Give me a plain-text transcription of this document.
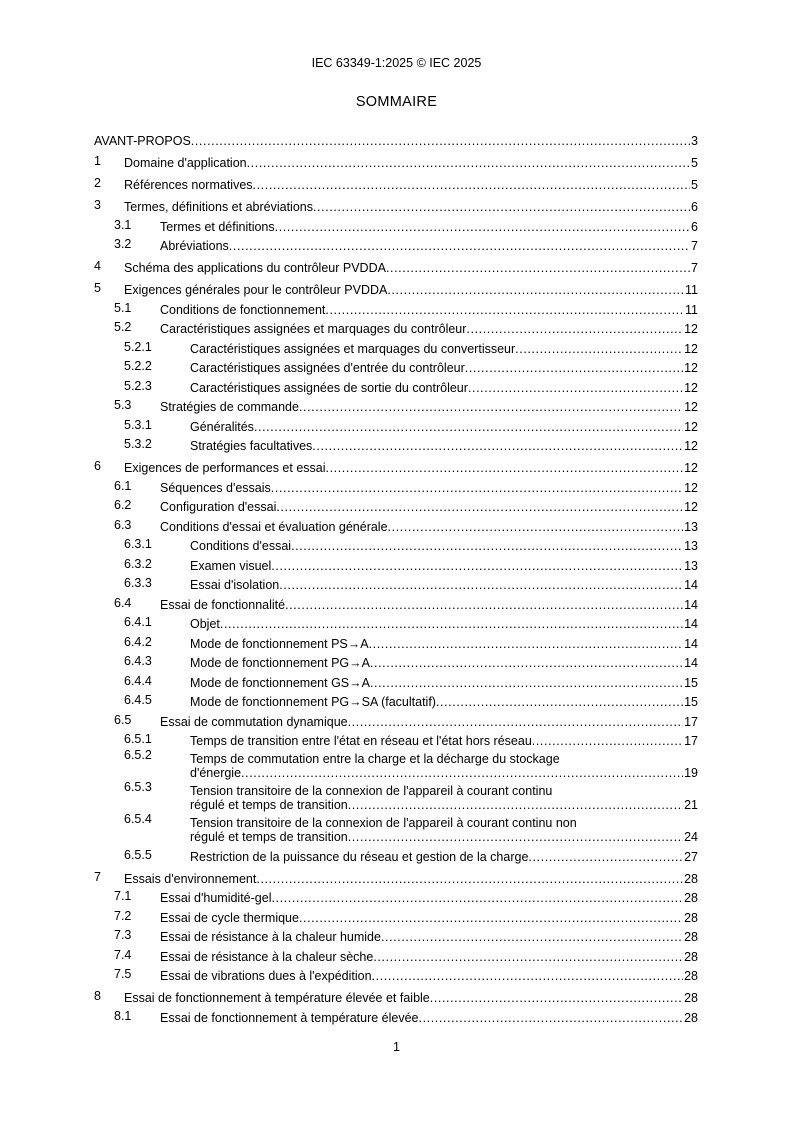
IEC 63349-1:2025 © IEC 2025
SOMMAIRE
AVANT-PROPOS .....	3
1 Domaine d'application .....	5
2 Références normatives .....	5
3 Termes, définitions et abréviations .....	6
3.1 Termes et définitions .....	6
3.2 Abréviations .....	7
4 Schéma des applications du contrôleur PVDDA .....	7
5 Exigences générales pour le contrôleur PVDDA .....	11
5.1 Conditions de fonctionnement .....	11
5.2 Caractéristiques assignées et marquages du contrôleur .....	12
5.2.1	Caractéristiques assignées et marquages du convertisseur .....	12
5.2.2	Caractéristiques assignées d'entrée du contrôleur .....	12
5.2.3	Caractéristiques assignées de sortie du contrôleur .....	12
5.3 Stratégies de commande .....	12
5.3.1	Généralités .....	12
5.3.2	Stratégies facultatives .....	12
6 Exigences de performances et essai .....	12
6.1 Séquences d'essais .....	12
6.2 Configuration d'essai .....	12
6.3 Conditions d'essai et évaluation générale .....	13
6.3.1	Conditions d'essai .....	13
6.3.2	Examen visuel .....	13
6.3.3	Essai d'isolation .....	14
6.4 Essai de fonctionnalité .....	14
6.4.1	Objet .....	14
6.4.2	Mode de fonctionnement PS→A .....	14
6.4.3	Mode de fonctionnement PG→A .....	14
6.4.4	Mode de fonctionnement GS→A .....	15
6.4.5	Mode de fonctionnement PG→SA (facultatif) .....	15
6.5 Essai de commutation dynamique .....	17
6.5.1	Temps de transition entre l'état en réseau et l'état hors réseau .....	17
6.5.2	Temps de commutation entre la charge et la décharge du stockage
d'énergie .....	19
6.5.3	Tension transitoire de la connexion de l'appareil à courant continu
régulé et temps de transition .....	21
6.5.4	Tension transitoire de la connexion de l'appareil à courant continu non
régulé et temps de transition .....	24
6.5.5	Restriction de la puissance du réseau et gestion de la charge .....	27
7 Essais d'environnement .....	28
7.1 Essai d'humidité-gel .....	28
7.2 Essai de cycle thermique .....	28
7.3 Essai de résistance à la chaleur humide .....	28
7.4 Essai de résistance à la chaleur sèche .....	28
7.5 Essai de vibrations dues à l'expédition .....	28
8 Essai de fonctionnement à température élevée et faible .....	28
8.1 Essai de fonctionnement à température élevée .....	28
1
